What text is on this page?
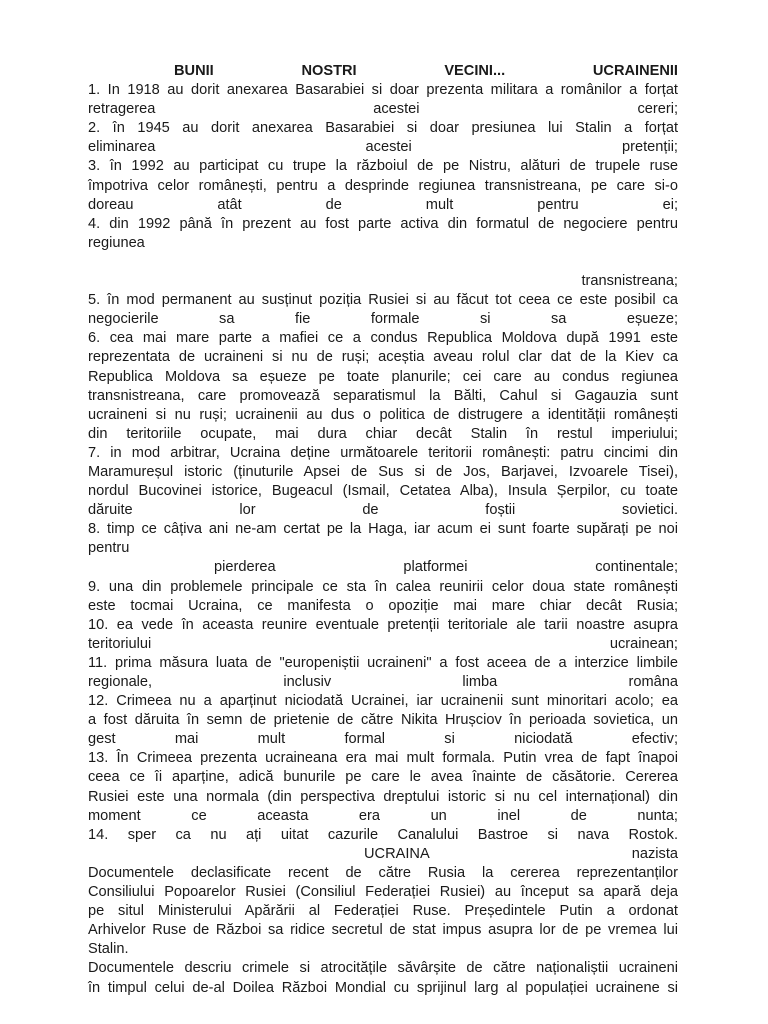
BUNII	NOSTRI	VECINI...	UCRAINENII
1. In 1918 au dorit anexarea Basarabiei si doar prezenta militara a românilor a forțat
retragerea acestei cereri;
2. în 1945 au dorit anexarea Basarabiei si doar presiunea lui Stalin a forțat
eliminarea acestei pretenții;
3. în 1992 au participat cu trupe la războiul de pe Nistru, alături de trupele ruse
împotriva celor românești, pentru a desprinde regiunea transnistreana, pe care si-o
doreau atât de mult pentru ei;
4. din 1992 până în prezent au fost parte activa din formatul de negociere pentru
regiunea

transnistreana;
5. în mod permanent au susținut poziția Rusiei si au făcut tot ceea ce este posibil ca
negocierile sa fie formale si sa eșueze;
6. cea mai mare parte a mafiei ce a condus Republica Moldova după 1991 este
reprezentata de ucraineni si nu de ruși; aceștia aveau rolul clar dat de la Kiev ca
Republica Moldova sa eșueze pe toate planurile; cei care au condus regiunea
transnistreana, care promovează separatismul la Bălti, Cahul si Gagauzia sunt
ucraineni si nu ruși; ucrainenii au dus o politica de distrugere a identității românești
din teritoriile ocupate, mai dura chiar decât Stalin în restul imperiului;
7. in mod arbitrar, Ucraina deține următoarele teritorii românești: patru cincimi din
Maramureșul istoric (ținuturile Apsei de Sus si de Jos, Barjavei, Izvoarele Tisei),
nordul Bucovinei istorice, Bugeacul (Ismail, Cetatea Alba), Insula Șerpilor, cu toate
dăruite lor de foștii sovietici.
8. timp ce câțiva ani ne-am certat pe la Haga, iar acum ei sunt foarte supărați pe noi
pentru
pierderea platformei continentale;
9. una din problemele principale ce sta în calea reunirii celor doua state românești
este tocmai Ucraina, ce manifesta o opoziție mai mare chiar decât Rusia;
10. ea vede în aceasta reunire eventuale pretenții teritoriale ale tarii noastre asupra
teritoriului ucrainean;
11. prima măsura luata de "europeniștii ucraineni" a fost aceea de a interzice limbile
regionale, inclusiv limba româna
12. Crimeea nu a aparținut niciodată Ucrainei, iar ucrainenii sunt minoritari acolo; ea
a fost dăruita în semn de prietenie de către Nikita Hrușciov în perioada sovietica, un
gest mai mult formal si niciodată efectiv;
13. În Crimeea prezenta ucraineana era mai mult formala. Putin vrea de fapt înapoi
ceea ce îi aparține, adică bunurile pe care le avea înainte de căsătorie. Cererea
Rusiei este una normala (din perspectiva dreptului istoric si nu cel internațional) din
moment ce aceasta era un inel de nunta;
14. sper ca nu ați uitat cazurile Canalului Bastroe si nava Rostok.
UCRAINA nazista
Documentele declasificate recent de către Rusia la cererea reprezentanților
Consiliului Popoarelor Rusiei (Consiliul Federației Rusiei) au început sa apară deja
pe situl Ministerului Apărării al Federației Ruse. Președintele Putin a ordonat
Arhivelor Ruse de Război sa ridice secretul de stat impus asupra lor de pe vremea lui
Stalin.
Documentele descriu crimele si atrocitățile săvârșite de către naționaliștii ucraineni
în timpul celui de-al Doilea Război Mondial cu sprijinul larg al populației ucrainene si
